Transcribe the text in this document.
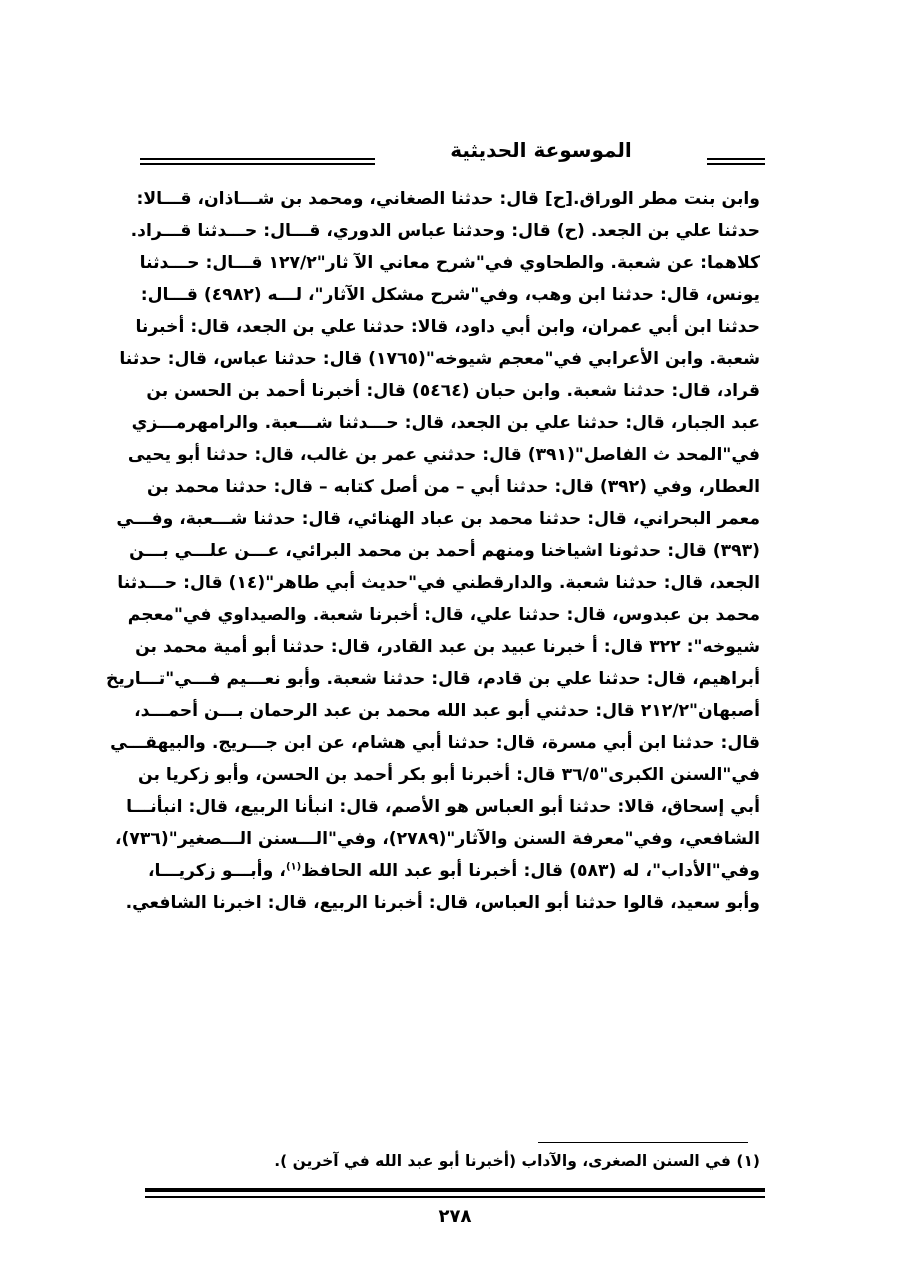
الموسوعة الحديثية
وابن بنت مطر الوراق.[ح] قال: حدثنا الصغاني، ومحمد بن شـــاذان، قـــالا:
حدثنا علي بن الجعد. (ح) قال: وحدثنا عباس الدوري، قـــال: حـــدثنا قـــراد.
كلاهما: عن شعبة. والطحاوي في"شرح معاني الآ ثار"١٢٧/٢ قـــال: حـــدثنا
يونس، قال: حدثنا ابن وهب، وفي"شرح مشكل الآثار"، لـــه (٤٩٨٢) قـــال:
حدثنا ابن أبي عمران، وابن أبي داود، قالا: حدثنا علي بن الجعد، قال: أخبرنا
شعبة. وابن الأعرابي في"معجم شيوخه"(١٧٦٥) قال: حدثنا عباس، قال: حدثنا
قراد، قال: حدثنا شعبة. وابن حبان (٥٤٦٤) قال: أخبرنا أحمد بن الحسن بن
عبد الجبار، قال: حدثنا علي بن الجعد، قال: حـــدثنا شـــعبة. والرامهرمـــزي
في"المحد ث الفاصل"(٣٩١) قال: حدثني عمر بن غالب، قال: حدثنا أبو يحيى
العطار، وفي (٣٩٢) قال: حدثنا أبي – من أصل كتابه – قال: حدثنا محمد بن
معمر البحراني، قال: حدثنا محمد بن عباد الهنائي، قال: حدثنا شـــعبة، وفـــي
(٣٩٣) قال: حدثونا اشياخنا ومنهم أحمد بن محمد البرائي، عـــن علـــي بـــن
الجعد، قال: حدثنا شعبة. والدارقطني في"حديث أبي طاهر"(١٤) قال: حـــدثنا
محمد بن عبدوس، قال: حدثنا علي، قال: أخبرنا شعبة. والصيداوي في"معجم
شيوخه": ٣٢٢ قال: أ خبرنا عبيد بن عبد القادر، قال: حدثنا أبو أمية محمد بن
أبراهيم، قال: حدثنا علي بن قادم، قال: حدثنا شعبة. وأبو نعـــيم فـــي"تـــاريخ
أصبهان"٢١٢/٢ قال: حدثني أبو عبد الله محمد بن عبد الرحمان بـــن أحمـــد،
قال: حدثنا ابن أبي مسرة، قال: حدثنا أبي هشام، عن ابن جـــريج. والبيهقـــي
في"السنن الكبرى"٣٦/٥ قال: أخبرنا أبو بكر أحمد بن الحسن، وأبو زكريا بن
أبي إسحاق، قالا: حدثنا أبو العباس هو الأصم، قال: انبأنا الربيع، قال: انبأنـــا
الشافعي، وفي"معرفة السنن والآثار"(٢٧٨٩)، وفي"الـــسنن الـــصغير"(٧٣٦)،
وفي"الأداب"، له (٥٨٣) قال: أخبرنا أبو عبد الله الحافظ$^{(١)}$، وأبـــو زكريـــا،
وأبو سعيد، قالوا حدثنا أبو العباس، قال: أخبرنا الربيع، قال: اخبرنا الشافعي.
(١) في السنن الصغرى، والآداب (أخبرنا أبو عبد الله في آخرين ).
٢٧٨
